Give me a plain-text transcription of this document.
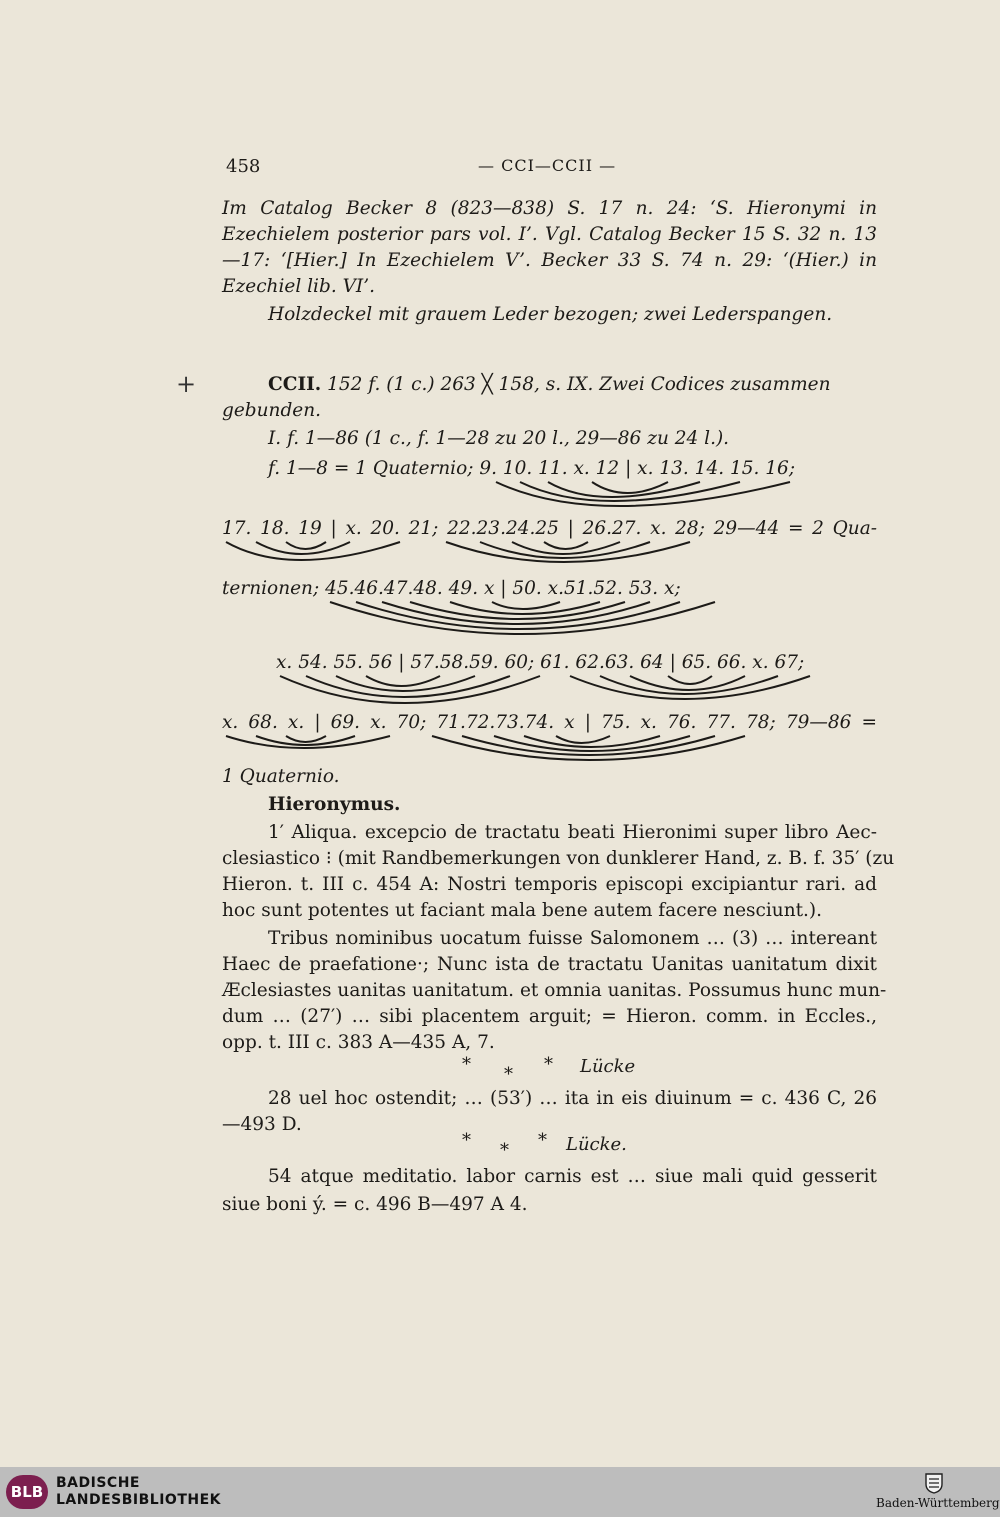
458	— CCI—CCII —
Im Catalog Becker 8 (823—838) S. 17 n. 24: ‘S. Hieronymi in
Ezechielem posterior pars vol. I’. Vgl. Catalog Becker 15 S. 32 n. 13
—17: ‘[Hier.] In Ezechielem V’. Becker 33 S. 74 n. 29: ‘(Hier.) in
Ezechiel lib. VI’.
Holzdeckel mit grauem Leder bezogen; zwei Lederspangen.
+	CCII. 152 f. (1 c.) 263 ╳ 158, s. IX. Zwei Codices zusammen
gebunden.
I. f. 1—86 (1 c., f. 1—28 zu 20 l., 29—86 zu 24 l.).
f. 1—8 = 1 Quaternio; 9. 10. 11. x. 12 | x. 13. 14. 15. 16;
17. 18. 19 | x. 20. 21; 22.23.24.25 | 26.27. x. 28; 29—44 = 2 Qua-
ternionen; 45.46.47.48. 49. x | 50. x.51.52. 53. x;
x. 54. 55. 56 | 57.58.59. 60; 61. 62.63. 64 | 65. 66. x. 67;
x. 68. x. | 69. x. 70; 71.72.73.74. x | 75. x. 76. 77. 78; 79—86 =
1 Quaternio.
Hieronymus.
1′ Aliqua. excepcio de tractatu beati Hieronimi super libro Aec-
clesiastico ⁝ (mit Randbemerkungen von dunklerer Hand, z. B. f. 35′ (zu
Hieron. t. III c. 454 A: Nostri temporis episcopi excipiantur rari. ad
hoc sunt potentes ut faciant mala bene autem facere nesciunt.).
Tribus nominibus uocatum fuisse Salomonem … (3) … intereant
Haec de praefatione·; Nunc ista de tractatu Uanitas uanitatum dixit
Æclesiastes uanitas uanitatum. et omnia uanitas. Possumus hunc mun-
dum … (27′) … sibi placentem arguit; = Hieron. comm. in Eccles.,
opp. t. III c. 383 A—435 A, 7.
* * * Lücke
28 uel hoc ostendit; … (53′) … ita in eis diuinum = c. 436 C, 26
—493 D.
* * * Lücke.
54 atque meditatio. labor carnis est … siue mali quid gesserit
siue boni ý. = c. 496 B—497 A 4.
BLB BADISCHE
LANDESBIBLIOTHEK	Baden-Württemberg
